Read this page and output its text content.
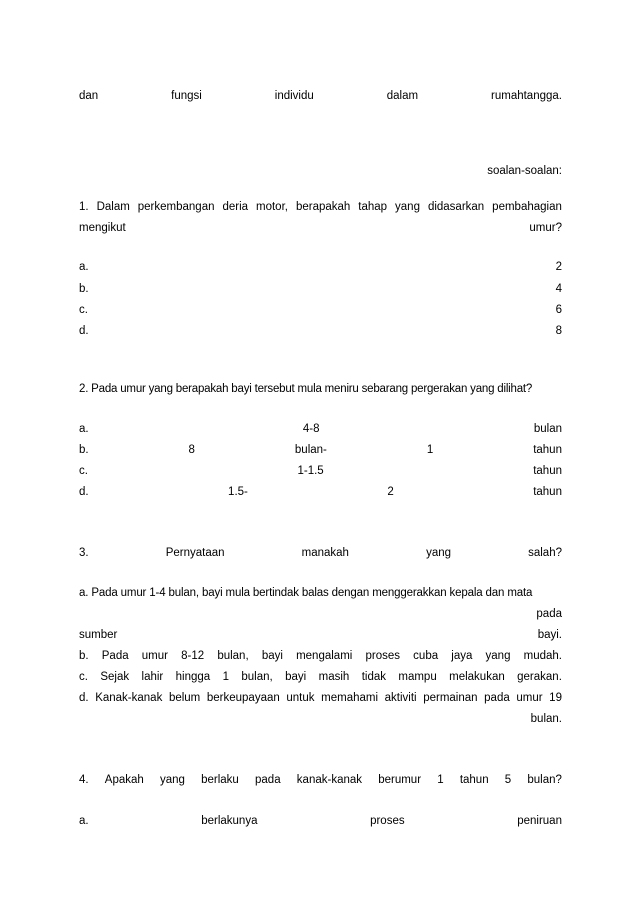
dan	fungsi	individu	dalam	rumahtangga.
soalan-soalan:
1. Dalam perkembangan deria motor, berapakah tahap yang didasarkan pembahagian
mengikut	umur?
a.	2
b.	4
c.	6
d.	8
2. Pada umur yang berapakah bayi tersebut mula meniru sebarang pergerakan yang dilihat?
a.	4-8	bulan
b.	8	bulan-	1	tahun
c.	1-1.5	tahun
d.	1.5-	2	tahun
3.	Pernyataan	manakah	yang	salah?
a. Pada umur 1-4 bulan, bayi mula bertindak balas dengan menggerakkan kepala dan mata
pada
sumber	bayi.
b. Pada umur 8-12 bulan, bayi mengalami proses cuba jaya yang mudah.
c. Sejak lahir hingga 1 bulan, bayi masih tidak mampu melakukan gerakan.
d. Kanak-kanak belum berkeupayaan untuk memahami aktiviti permainan pada umur 19
bulan.
4. Apakah yang berlaku pada kanak-kanak berumur 1 tahun 5 bulan?
a.	berlakunya	proses	peniruan
